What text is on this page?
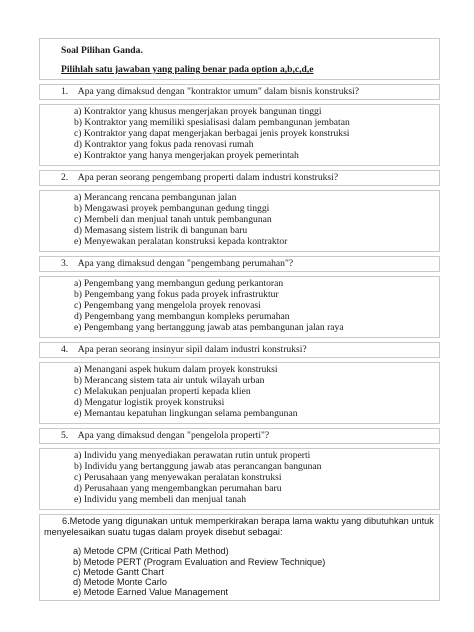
Soal Pilihan Ganda.
Pilihlah satu jawaban yang paling benar pada option a,b,c,d,e
1.    Apa yang dimaksud dengan "kontraktor umum" dalam bisnis konstruksi?
a) Kontraktor yang khusus mengerjakan proyek bangunan tinggi
b) Kontraktor yang memiliki spesialisasi dalam pembangunan jembatan
c) Kontraktor yang dapat mengerjakan berbagai jenis proyek konstruksi
d) Kontraktor yang fokus pada renovasi rumah
e) Kontraktor yang hanya mengerjakan proyek pemerintah
2.    Apa peran seorang pengembang properti dalam industri konstruksi?
a) Merancang rencana pembangunan jalan
b) Mengawasi proyek pembangunan gedung tinggi
c) Membeli dan menjual tanah untuk pembangunan
d) Memasang sistem listrik di bangunan baru
e) Menyewakan peralatan konstruksi kepada kontraktor
3.    Apa yang dimaksud dengan "pengembang perumahan"?
a) Pengembang yang membangun gedung perkantoran
b) Pengembang yang fokus pada proyek infrastruktur
c) Pengembang yang mengelola proyek renovasi
d) Pengembang yang membangun kompleks perumahan
e) Pengembang yang bertanggung jawab atas pembangunan jalan raya
4.    Apa peran seorang insinyur sipil dalam industri konstruksi?
a) Menangani aspek hukum dalam proyek konstruksi
b) Merancang sistem tata air untuk wilayah urban
c) Melakukan penjualan properti kepada klien
d) Mengatur logistik proyek konstruksi
e) Memantau kepatuhan lingkungan selama pembangunan
5.    Apa yang dimaksud dengan "pengelola properti"?
a) Individu yang menyediakan perawatan rutin untuk properti
b) Individu yang bertanggung jawab atas perancangan bangunan
c) Perusahaan yang menyewakan peralatan konstruksi
d) Perusahaan yang mengembangkan perumahan baru
e) Individu yang membeli dan menjual tanah
6.Metode yang digunakan untuk memperkirakan berapa lama waktu yang dibutuhkan untuk
menyelesaikan suatu tugas dalam proyek disebut sebagai:
a) Metode CPM (Critical Path Method)
b) Metode PERT (Program Evaluation and Review Technique)
c) Metode Gantt Chart
d) Metode Monte Carlo
e) Metode Earned Value Management
